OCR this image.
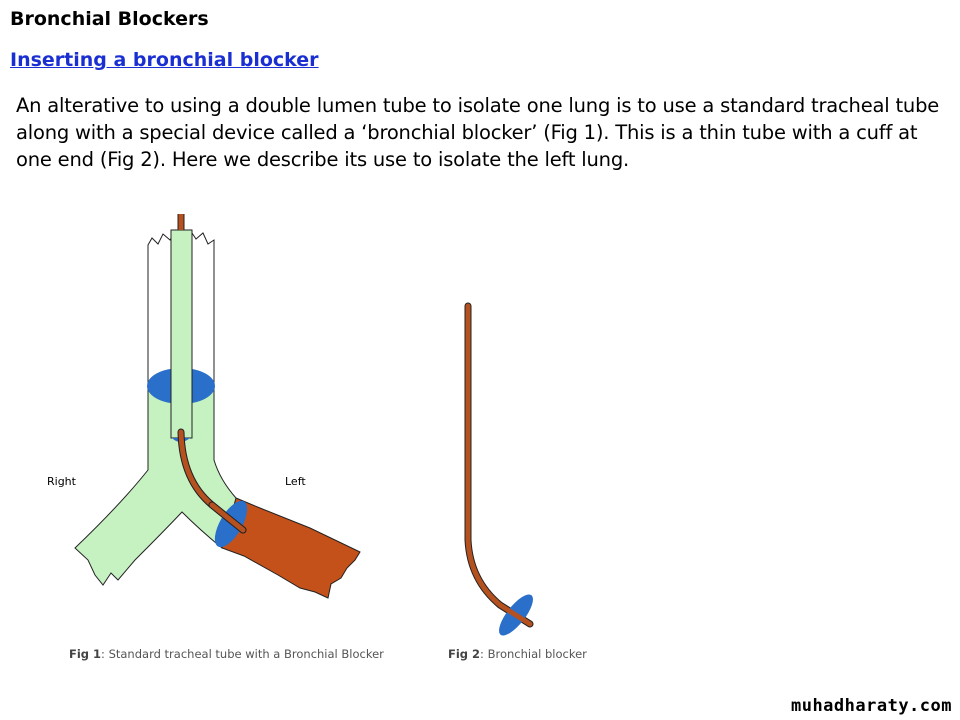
Bronchial Blockers
Inserting a bronchial blocker
An alterative to using a double lumen tube to isolate one lung is to use a standard tracheal tube
along with a special device called a ‘bronchial blocker’ (Fig 1). This is a thin tube with a cuff at
one end (Fig 2). Here we describe its use to isolate the left lung.
Right	Left
Fig 1: Standard tracheal tube with a Bronchial Blocker	Fig 2: Bronchial blocker
muhadharaty.com
